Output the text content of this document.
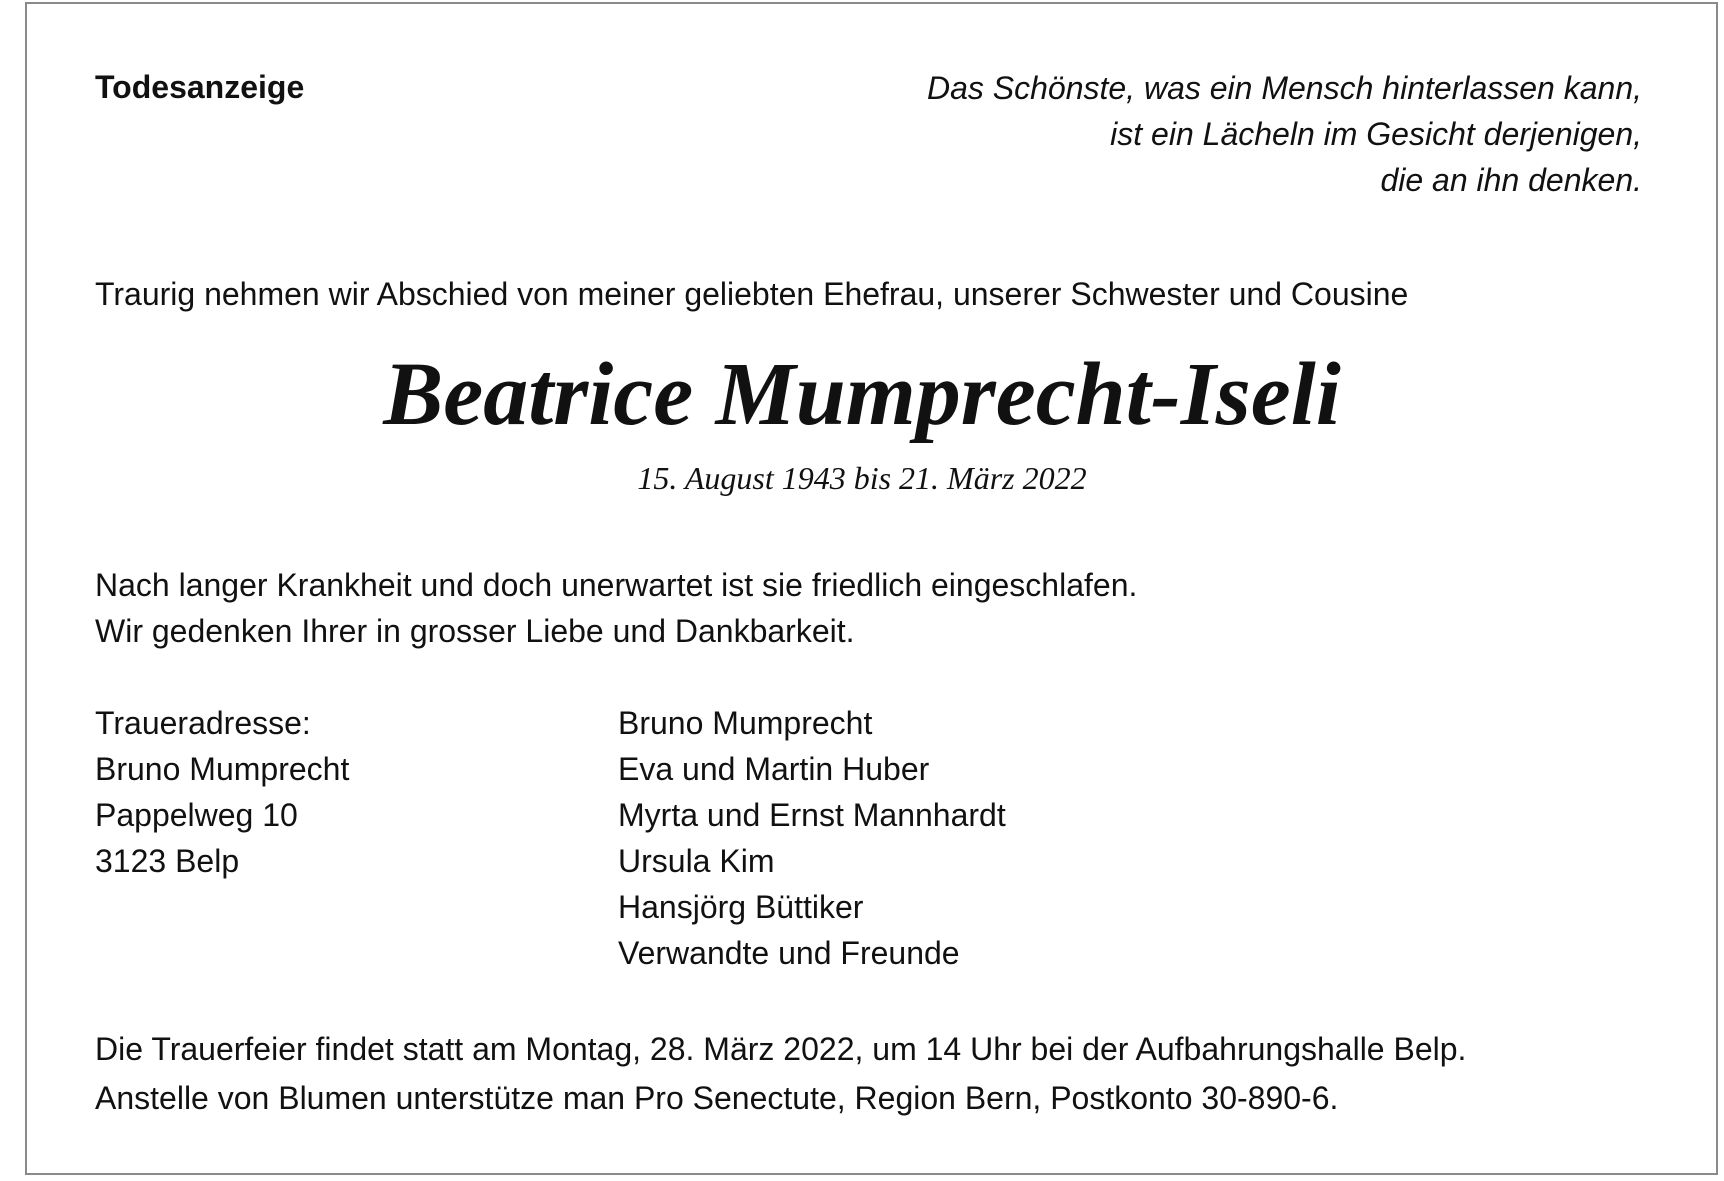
Todesanzeige	Das Schönste, was ein Mensch hinterlassen kann,
ist ein Lächeln im Gesicht derjenigen,
die an ihn denken.
Traurig nehmen wir Abschied von meiner geliebten Ehefrau, unserer Schwester und Cousine
Beatrice Mumprecht-Iseli
15. August 1943 bis 21. März 2022
Nach langer Krankheit und doch unerwartet ist sie friedlich eingeschlafen.
Wir gedenken Ihrer in grosser Liebe und Dankbarkeit.
Traueradresse:
Bruno Mumprecht
Pappelweg 10
3123 Belp
Bruno Mumprecht
Eva und Martin Huber
Myrta und Ernst Mannhardt
Ursula Kim
Hansjörg Büttiker
Verwandte und Freunde
Die Trauerfeier findet statt am Montag, 28. März 2022, um 14 Uhr bei der Aufbahrungshalle Belp.
Anstelle von Blumen unterstütze man Pro Senectute, Region Bern, Postkonto 30-890-6.
